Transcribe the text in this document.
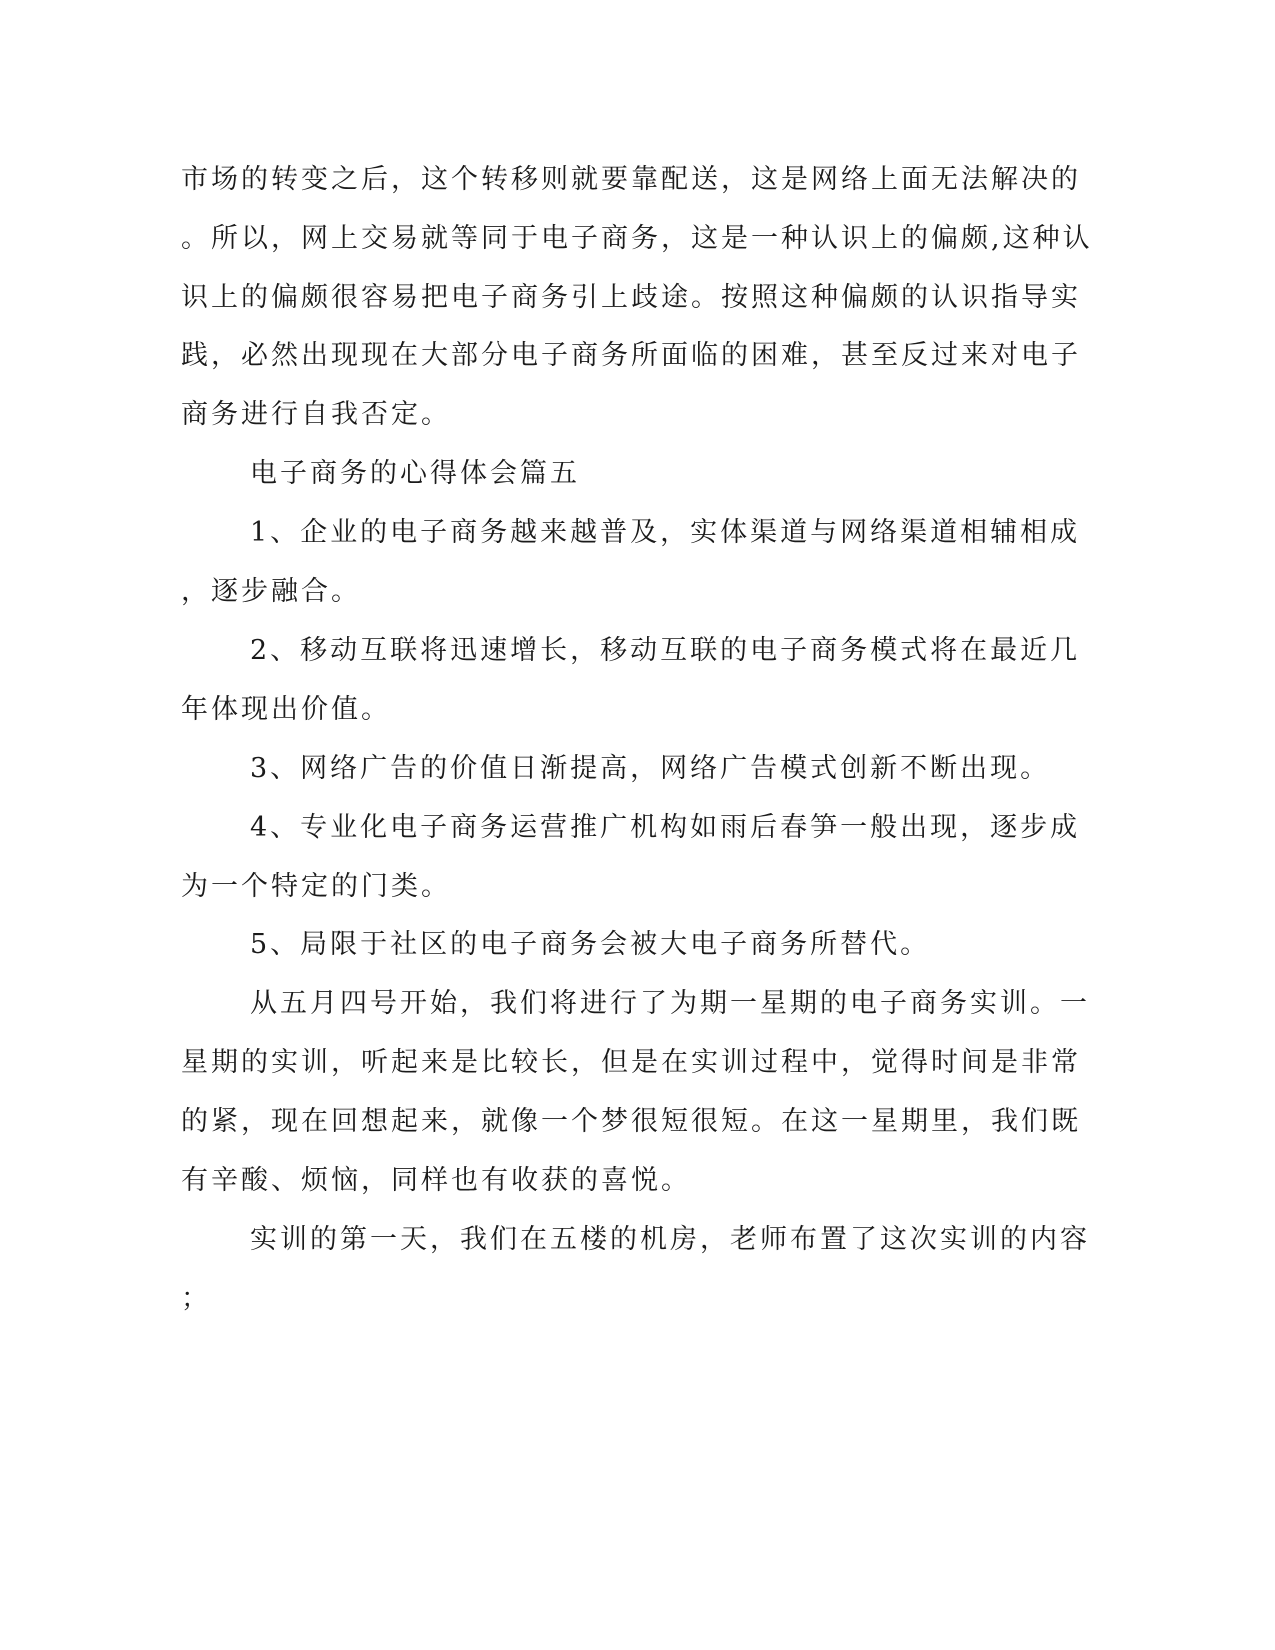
市场的转变之后，这个转移则就要靠配送，这是网络上面无法解决的
。所以，网上交易就等同于电子商务，这是一种认识上的偏颇,这种认
识上的偏颇很容易把电子商务引上歧途。按照这种偏颇的认识指导实
践，必然出现现在大部分电子商务所面临的困难，甚至反过来对电子
商务进行自我否定。
电子商务的心得体会篇五
1、企业的电子商务越来越普及，实体渠道与网络渠道相辅相成
，逐步融合。
2、移动互联将迅速增长，移动互联的电子商务模式将在最近几
年体现出价值。
3、网络广告的价值日渐提高，网络广告模式创新不断出现。
4、专业化电子商务运营推广机构如雨后春笋一般出现，逐步成
为一个特定的门类。
5、局限于社区的电子商务会被大电子商务所替代。
从五月四号开始，我们将进行了为期一星期的电子商务实训。一
星期的实训，听起来是比较长，但是在实训过程中，觉得时间是非常
的紧，现在回想起来，就像一个梦很短很短。在这一星期里，我们既
有辛酸、烦恼，同样也有收获的喜悦。
实训的第一天，我们在五楼的机房，老师布置了这次实训的内容
；
